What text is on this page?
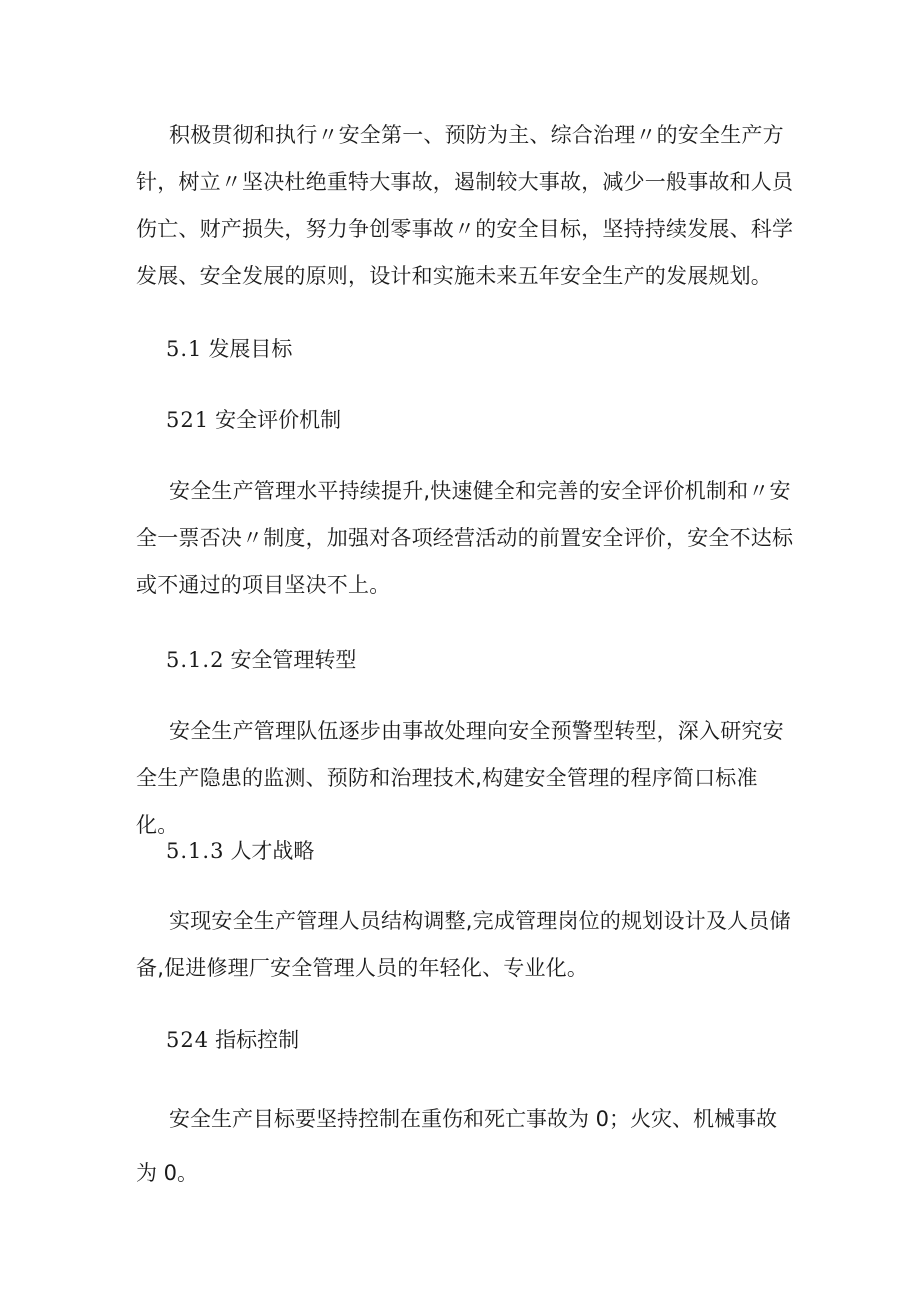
积极贯彻和执行〃安全第一、预防为主、综合治理〃的安全生产方针，树立〃坚决杜绝重特大事故，遏制较大事故，减少一般事故和人员伤亡、财产损失，努力争创零事故〃的安全目标，坚持持续发展、科学发展、安全发展的原则，设计和实施未来五年安全生产的发展规划。

5.1 发展目标
521 安全评价机制

安全生产管理水平持续提升,快速健全和完善的安全评价机制和〃安全一票否决〃制度，加强对各项经营活动的前置安全评价，安全不达标或不通过的项目坚决不上。

5.1.2 安全管理转型

安全生产管理队伍逐步由事故处理向安全预警型转型，深入研究安全生产隐患的监测、预防和治理技术,构建安全管理的程序简口标准化。

5.1.3 人才战略

实现安全生产管理人员结构调整,完成管理岗位的规划设计及人员储备,促进修理厂安全管理人员的年轻化、专业化。

524 指标控制

安全生产目标要坚持控制在重伤和死亡事故为 0；火灾、机械事故

为 0。
